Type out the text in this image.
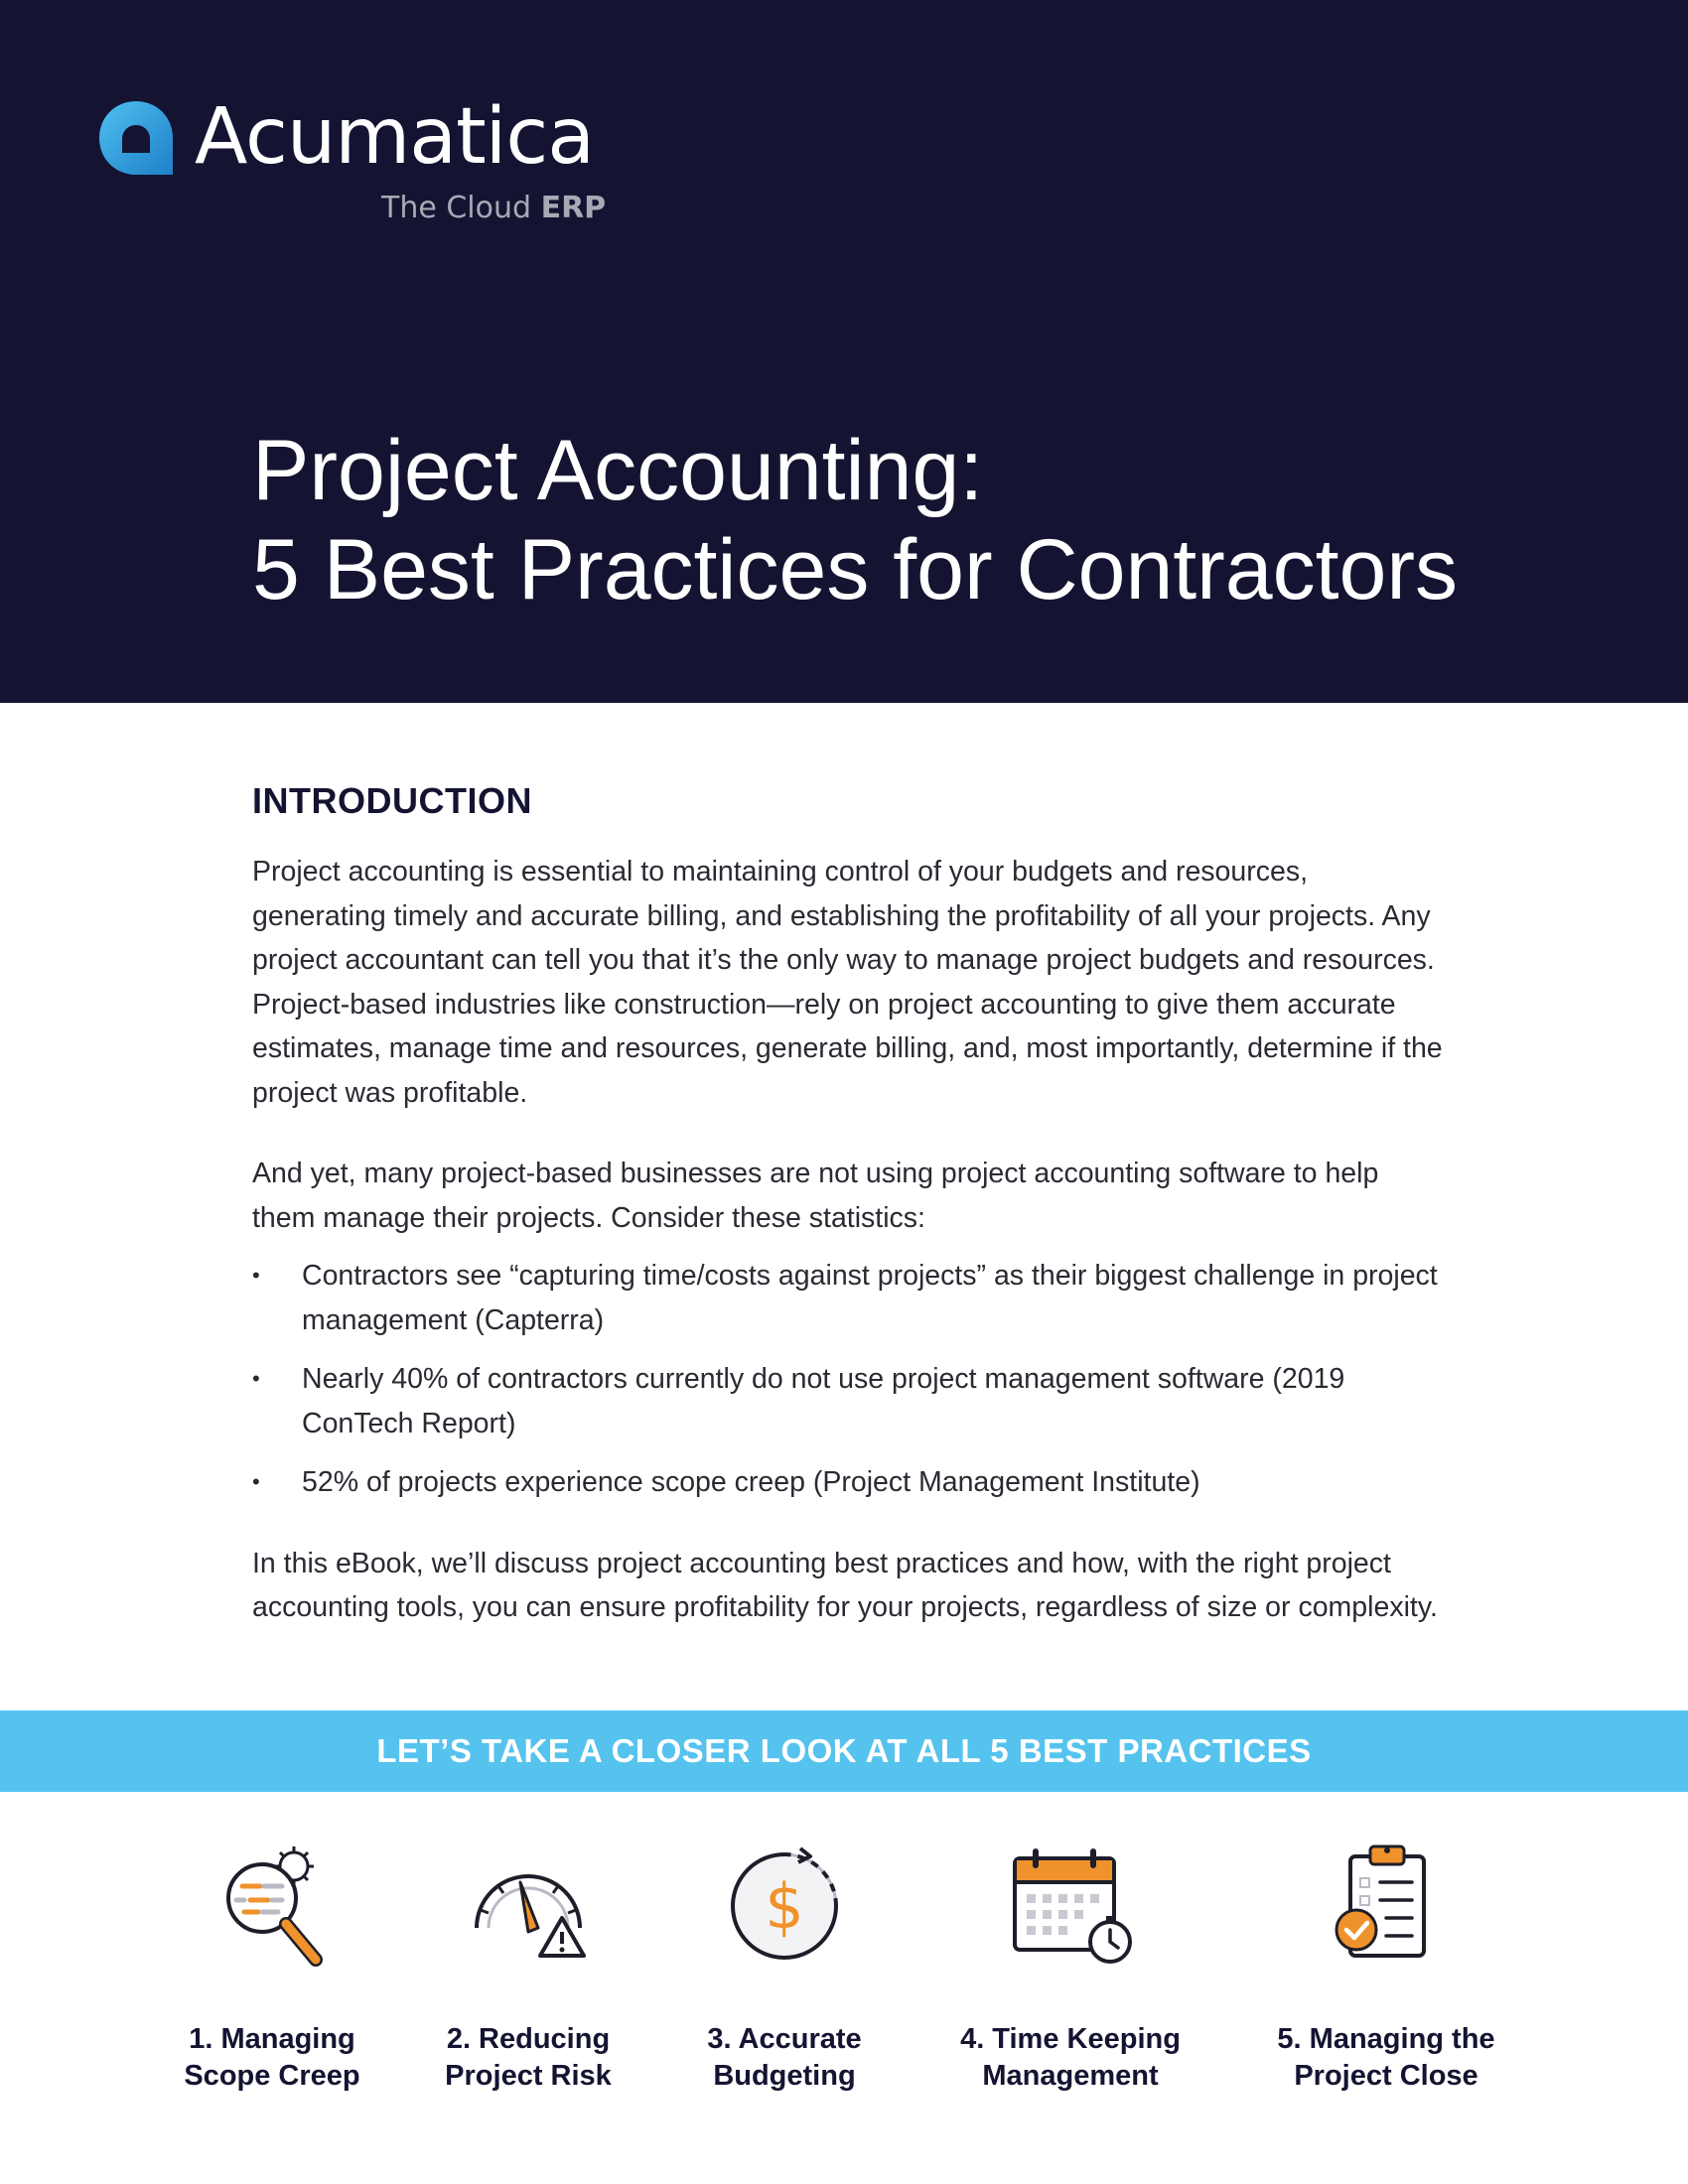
Acumatica
The Cloud ERP
Project Accounting:
5 Best Practices for Contractors
INTRODUCTION

Project accounting is essential to maintaining control of your budgets and resources, generating timely and accurate billing, and establishing the profitability of all your projects. Any project accountant can tell you that it’s the only way to manage project budgets and resources. Project-based industries like construction—rely on project accounting to give them accurate estimates, manage time and resources, generate billing, and, most importantly, determine if the project was profitable.

And yet, many project-based businesses are not using project accounting software to help them manage their projects. Consider these statistics:

• Contractors see “capturing time/costs against projects” as their biggest challenge in project management (Capterra)
• Nearly 40% of contractors currently do not use project management software (2019 ConTech Report)
• 52% of projects experience scope creep (Project Management Institute)

In this eBook, we’ll discuss project accounting best practices and how, with the right project accounting tools, you can ensure profitability for your projects, regardless of size or complexity.

LET’S TAKE A CLOSER LOOK AT ALL 5 BEST PRACTICES
1. Managing
Scope Creep
2. Reducing
Project Risk
$
3. Accurate
Budgeting
4. Time Keeping
Management
5. Managing the
Project Close
